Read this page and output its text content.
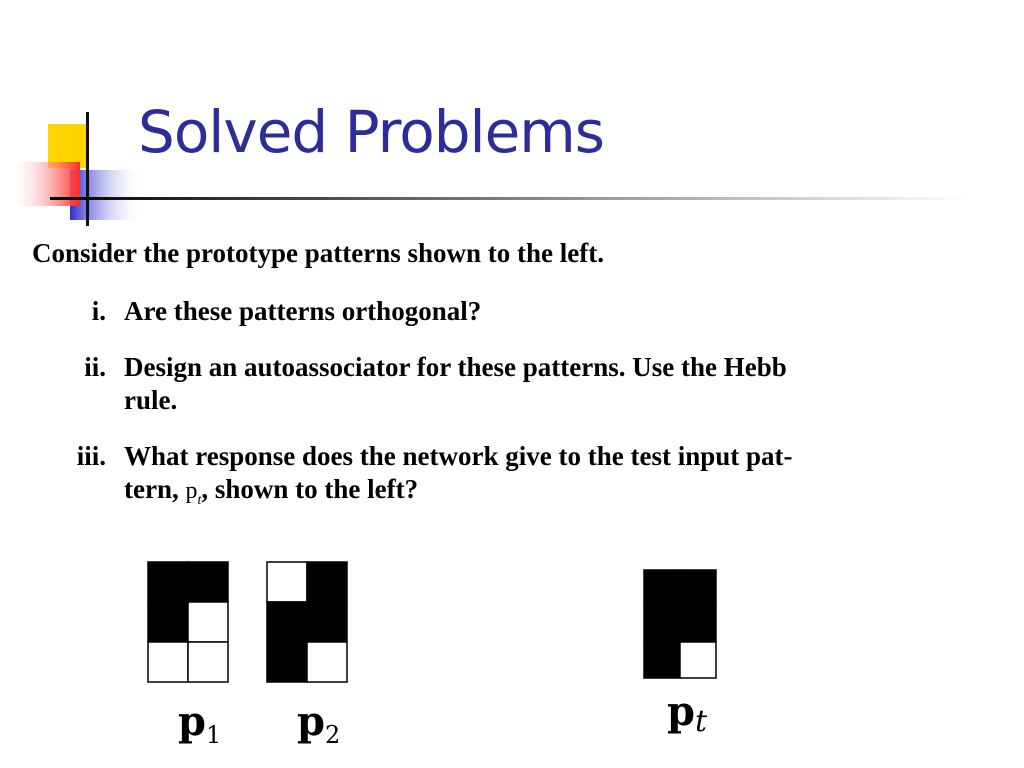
Solved Problems
Consider the prototype patterns shown to the left.
i. Are these patterns orthogonal?
ii. Design an autoassociator for these patterns. Use the Hebb
rule.
iii. What response does the network give to the test input pat-
tern, $p_t$, shown to the left?
$p_1$ $p_2$	pt
